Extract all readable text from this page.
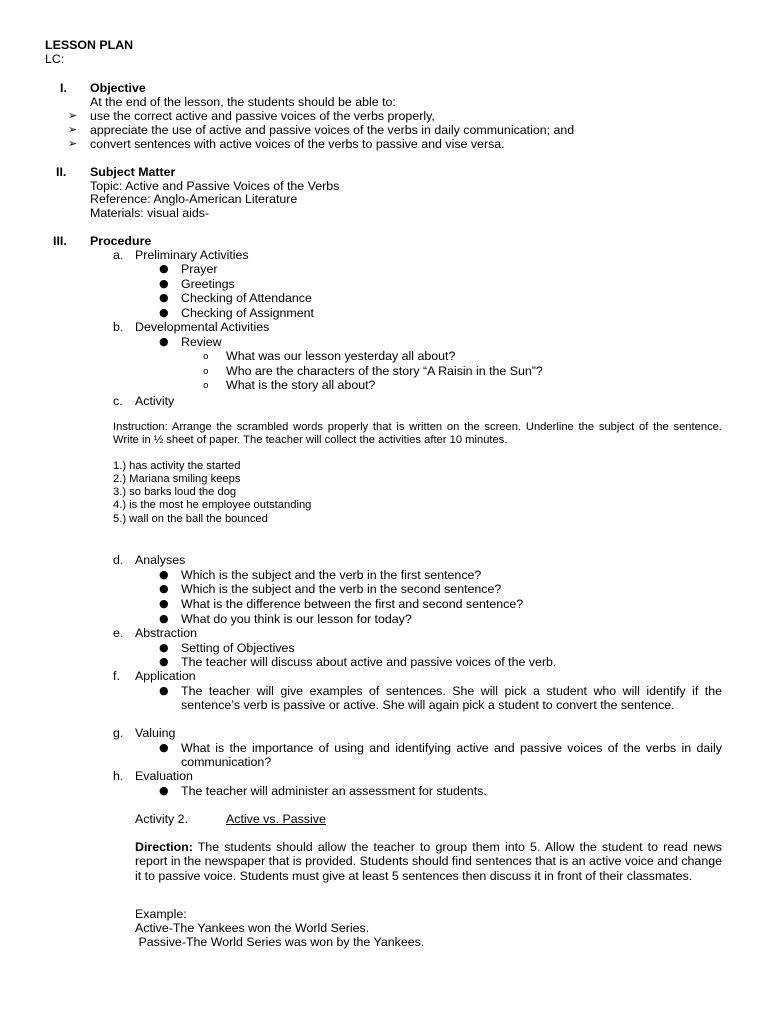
LESSON PLAN
LC:
I. Objective
At the end of the lesson, the students should be able to:
➢ use the correct active and passive voices of the verbs properly,
➢ appreciate the use of active and passive voices of the verbs in daily communication; and
➢ convert sentences with active voices of the verbs to passive and vise versa.
II. Subject Matter
Topic: Active and Passive Voices of the Verbs
Reference: Anglo-American Literature
Materials: visual aids-
III. Procedure
a. Preliminary Activities
● Prayer
● Greetings
● Checking of Attendance
● Checking of Assignment
b. Developmental Activities
● Review
o What was our lesson yesterday all about?
o Who are the characters of the story “A Raisin in the Sun”?
o What is the story all about?
c. Activity
Instruction: Arrange the scrambled words properly that is written on the screen. Underline the subject of the sentence. Write in ½ sheet of paper. The teacher will collect the activities after 10 minutes.
1.) has activity the started
2.) Mariana smiling keeps
3.) so barks loud the dog
4.) is the most he employee outstanding
5.) wall on the ball the bounced
d. Analyses
● Which is the subject and the verb in the first sentence?
● Which is the subject and the verb in the second sentence?
● What is the difference between the first and second sentence?
● What do you think is our lesson for today?
e. Abstraction
● Setting of Objectives
● The teacher will discuss about active and passive voices of the verb.
f. Application
● The teacher will give examples of sentences. She will pick a student who will identify if the sentence’s verb is passive or active. She will again pick a student to convert the sentence.
g. Valuing
● What is the importance of using and identifying active and passive voices of the verbs in daily communication?
h. Evaluation
● The teacher will administer an assessment for students.
Activity 2.	Active vs. Passive
Direction: The students should allow the teacher to group them into 5. Allow the student to read news report in the newspaper that is provided. Students should find sentences that is an active voice and change it to passive voice. Students must give at least 5 sentences then discuss it in front of their classmates.
Example:
Active-The Yankees won the World Series.
Passive-The World Series was won by the Yankees.
